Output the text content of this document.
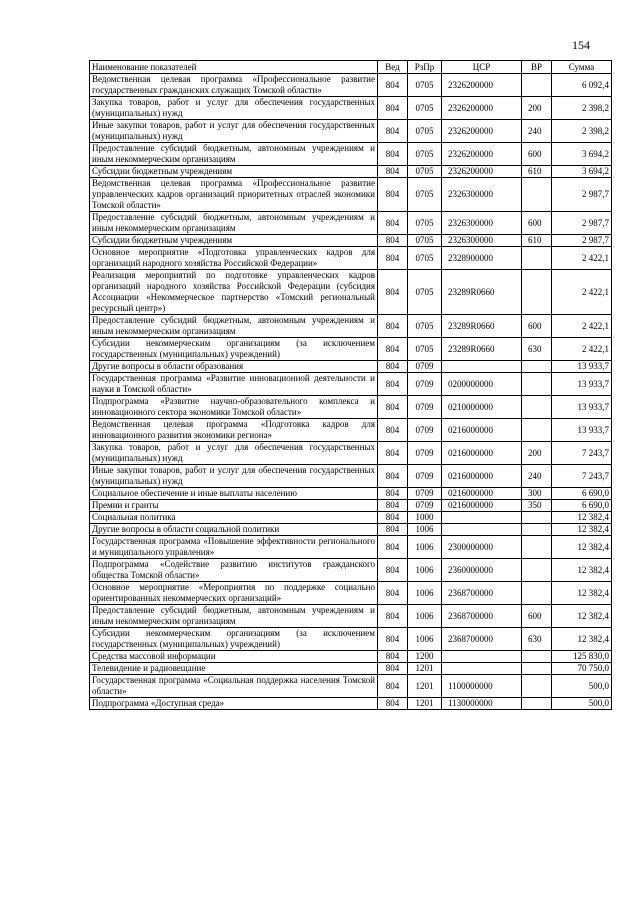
154
Наименование показателей	Вед	РзПр	ЦСР	ВР	Сумма
Ведомственная целевая программа «Профессиональное развитие государственных гражданских служащих Томской области»	804	0705	2326200000		6 092,4
Закупка товаров, работ и услуг для обеспечения государственных (муниципальных) нужд	804	0705	2326200000	200	2 398,2
Иные закупки товаров, работ и услуг для обеспечения государственных (муниципальных) нужд	804	0705	2326200000	240	2 398,2
Предоставление субсидий бюджетным, автономным учреждениям и иным некоммерческим организациям	804	0705	2326200000	600	3 694,2
Субсидии бюджетным учреждениям	804	0705	2326200000	610	3 694,2
Ведомственная целевая программа «Профессиональное развитие управленческих кадров организаций приоритетных отраслей экономики Томской области»	804	0705	2326300000		2 987,7
Предоставление субсидий бюджетным, автономным учреждениям и иным некоммерческим организациям	804	0705	2326300000	600	2 987,7
Субсидии бюджетным учреждениям	804	0705	2326300000	610	2 987,7
Основное мероприятие «Подготовка управленческих кадров для организаций народного хозяйства Российской Федерации»	804	0705	2328900000		2 422,1
Реализация мероприятий по подготовке управленческих кадров организаций народного хозяйства Российской Федерации (субсидия Ассоциации «Некоммерческое партнерство «Томский региональный ресурсный центр»)	804	0705	23289R0660		2 422,1
Предоставление субсидий бюджетным, автономным учреждениям и иным некоммерческим организациям	804	0705	23289R0660	600	2 422,1
Субсидии некоммерческим организациям (за исключением государственных (муниципальных) учреждений)	804	0705	23289R0660	630	2 422,1
Другие вопросы в области образования	804	0709			13 933,7
Государственная программа «Развитие инновационной деятельности и науки в Томской области»	804	0709	0200000000		13 933,7
Подпрограмма «Развитие научно-образовательного комплекса и инновационного сектора экономики Томской области»	804	0709	0210000000		13 933,7
Ведомственная целевая программа «Подготовка кадров для инновационного развития экономики региона»	804	0709	0216000000		13 933,7
Закупка товаров, работ и услуг для обеспечения государственных (муниципальных) нужд	804	0709	0216000000	200	7 243,7
Иные закупки товаров, работ и услуг для обеспечения государственных (муниципальных) нужд	804	0709	0216000000	240	7 243,7
Социальное обеспечение и иные выплаты населению	804	0709	0216000000	300	6 690,0
Премии и гранты	804	0709	0216000000	350	6 690,0
Социальная политика	804	1000			12 382,4
Другие вопросы в области социальной политики	804	1006			12 382,4
Государственная программа «Повышение эффективности регионального и муниципального управления»	804	1006	2300000000		12 382,4
Подпрограмма «Содействие развитию институтов гражданского общества Томской области»	804	1006	2360000000		12 382,4
Основное мероприятие «Мероприятия по поддержке социально ориентированных некоммерческих организаций»	804	1006	2368700000		12 382,4
Предоставление субсидий бюджетным, автономным учреждениям и иным некоммерческим организациям	804	1006	2368700000	600	12 382,4
Субсидии некоммерческим организациям (за исключением государственных (муниципальных) учреждений)	804	1006	2368700000	630	12 382,4
Средства массовой информации	804	1200			125 830,0
Телевидение и радиовещание	804	1201			70 750,0
Государственная программа «Социальная поддержка населения Томской области»	804	1201	1100000000		500,0
Подпрограмма «Доступная среда»	804	1201	1130000000		500,0
